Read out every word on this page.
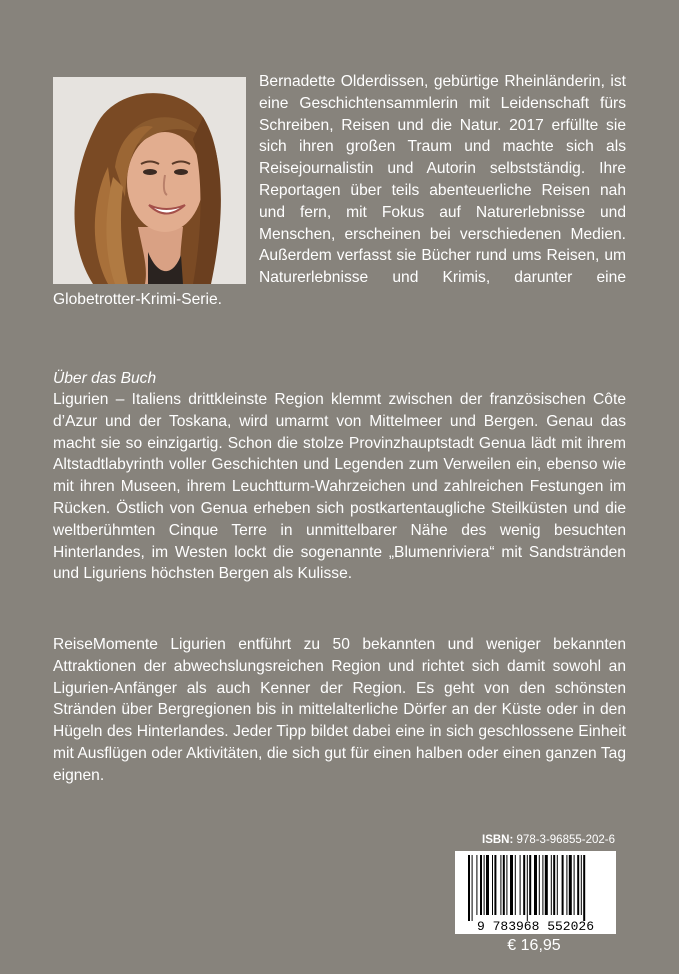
Bernadette Olderdissen, gebürtige Rheinländerin, ist eine Geschichtensammlerin mit Leidenschaft fürs Schreiben, Reisen und die Natur. 2017 erfüllte sie sich ihren großen Traum und machte sich als Reisejournalistin und Autorin selbstständig. Ihre Reportagen über teils abenteuerliche Reisen nah und fern, mit Fokus auf Naturerlebnisse und Menschen, erscheinen bei verschiedenen Medien. Außerdem verfasst sie Bücher rund ums Reisen, um Naturerlebnisse und Krimis, darunter eine Globetrotter-Krimi-Serie.

Über das Buch

Ligurien – Italiens drittkleinste Region klemmt zwischen der französischen Côte d’Azur und der Toskana, wird umarmt von Mittelmeer und Bergen. Genau das macht sie so einzigartig. Schon die stolze Provinzhauptstadt Genua lädt mit ihrem Altstadtlabyrinth voller Geschichten und Legenden zum Verweilen ein, ebenso wie mit ihren Museen, ihrem Leuchtturm-Wahrzeichen und zahlreichen Festungen im Rücken. Östlich von Genua erheben sich postkartentaugliche Steilküsten und die weltberühmten Cinque Terre in unmittelbarer Nähe des wenig besuchten Hinterlandes, im Westen lockt die sogenannte „Blumenriviera“ mit Sandstränden und Liguriens höchsten Bergen als Kulisse.

ReiseMomente Ligurien entführt zu 50 bekannten und weniger bekannten Attraktionen der abwechslungsreichen Region und richtet sich damit sowohl an Ligurien-Anfänger als auch Kenner der Region. Es geht von den schönsten Stränden über Bergregionen bis in mittelalterliche Dörfer an der Küste oder in den Hügeln des Hinterlandes. Jeder Tipp bildet dabei eine in sich geschlossene Einheit mit Ausflügen oder Aktivitäten, die sich gut für einen halben oder einen ganzen Tag eignen.

ISBN: 978-3-96855-202-6
9 783968 552026
€ 16,95
